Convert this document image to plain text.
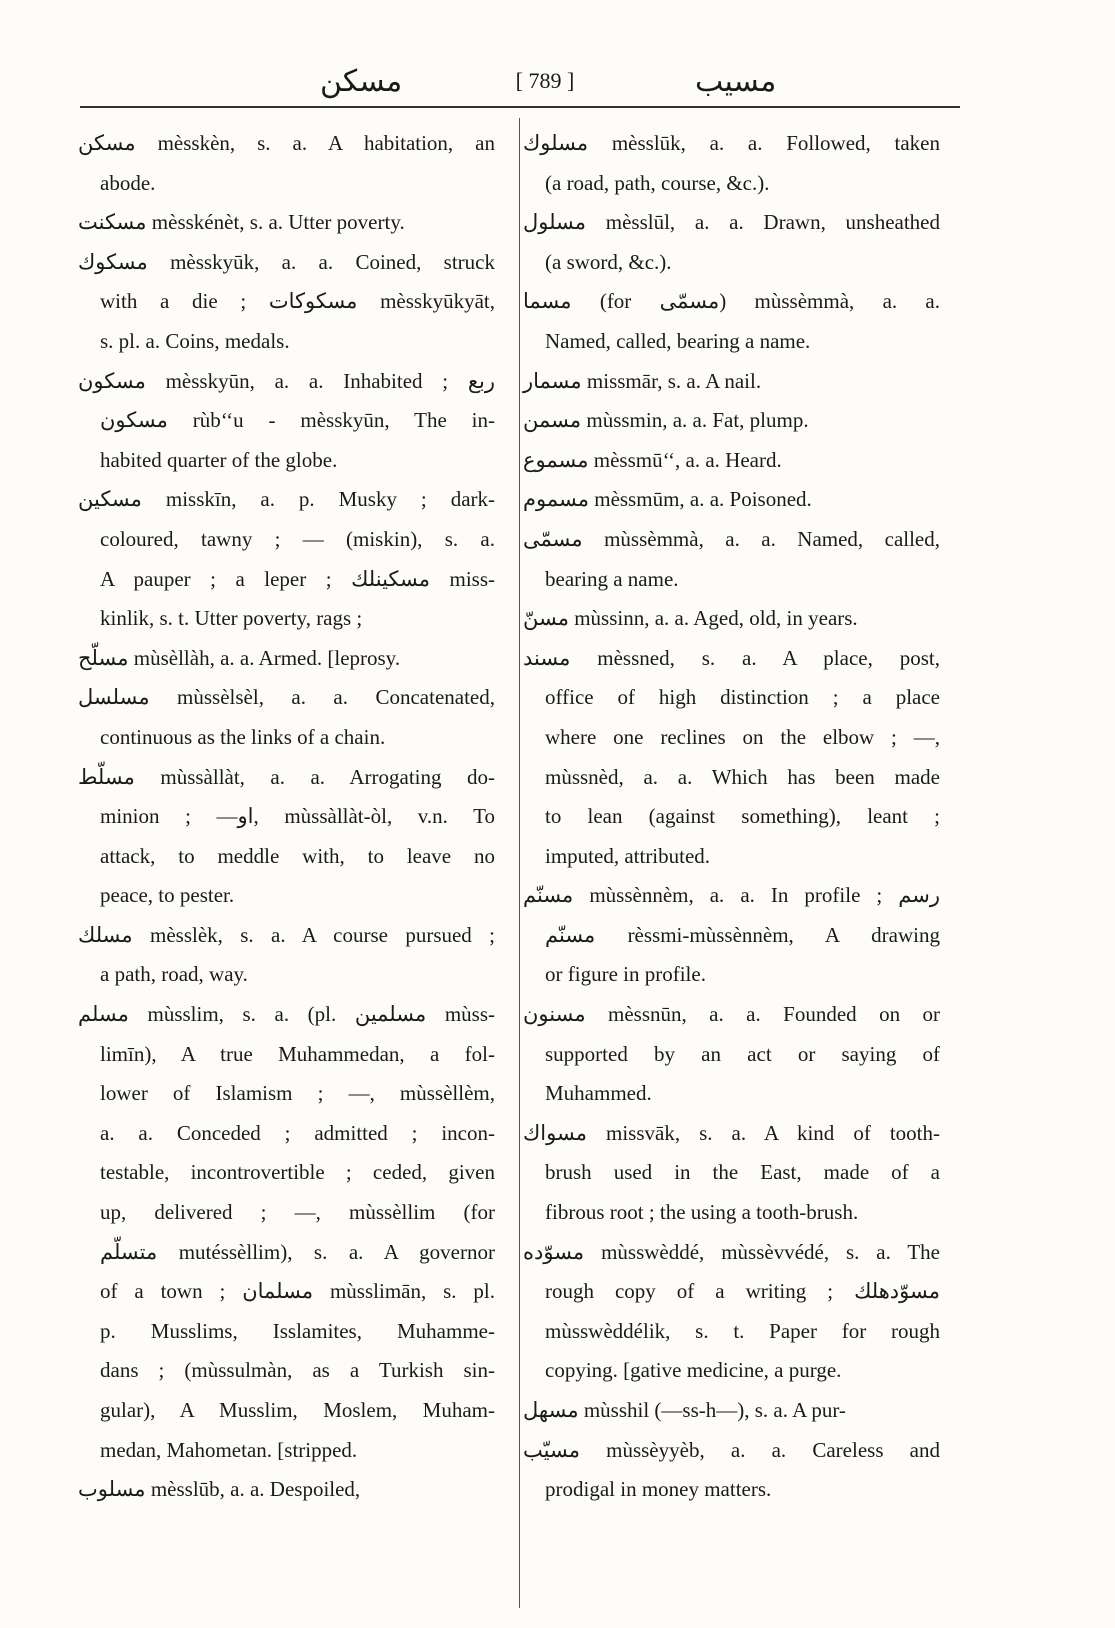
مسکن	[ 789 ]	مسیب
مسکن mèsskèn, s. a. A habitation, an
abode.
مسکنت mèsskénèt, s. a. Utter poverty.
مسکوك mèsskyūk, a. a. Coined, struck
with a die ; مسکوکات mèsskyūkyāt,
s. pl. a. Coins, medals.
مسکون mèsskyūn, a. a. Inhabited ; ربع
مسکون rùb‘‘u - mèsskyūn, The in-
habited quarter of the globe.
مسکین misskīn, a. p. Musky ; dark-
coloured, tawny ; — (miskin), s. a.
A pauper ; a leper ; مسکینلك miss-
kinlik, s. t. Utter poverty, rags ;
مسلّح mùsèllàh, a. a. Armed. [leprosy.
مسلسل mùssèlsèl, a. a. Concatenated,
continuous as the links of a chain.
مسلّط mùssàllàt, a. a. Arrogating do-
minion ; —او, mùssàllàt-òl, v.n. To
attack, to meddle with, to leave no
peace, to pester.
مسلك mèsslèk, s. a. A course pursued ;
a path, road, way.
مسلم mùsslim, s. a. (pl. مسلمین mùss-
limīn), A true Muhammedan, a fol-
lower of Islamism ; —, mùssèllèm,
a. a. Conceded ; admitted ; incon-
testable, incontrovertible ; ceded, given
up, delivered ; —, mùssèllim (for
متسلّم mutéssèllim), s. a. A governor
of a town ; مسلمان mùsslimān, s. pl.
p. Musslims, Isslamites, Muhamme-
dans ; (mùssulmàn, as a Turkish sin-
gular), A Musslim, Moslem, Muham-
medan, Mahometan. [stripped.
مسلوب mèsslūb, a. a. Despoiled,
مسلوك mèsslūk, a. a. Followed, taken
(a road, path, course, &c.).
مسلول mèsslūl, a. a. Drawn, unsheathed
(a sword, &c.).
مسما (for مسمّی) mùssèmmà, a. a.
Named, called, bearing a name.
مسمار missmār, s. a. A nail.
مسمن mùssmin, a. a. Fat, plump.
مسموع mèssmū‘‘, a. a. Heard.
مسموم mèssmūm, a. a. Poisoned.
مسمّی mùssèmmà, a. a. Named, called,
bearing a name.
مسنّ mùssinn, a. a. Aged, old, in years.
مسند mèssned, s. a. A place, post,
office of high distinction ; a place
where one reclines on the elbow ; —,
mùssnèd, a. a. Which has been made
to lean (against something), leant ;
imputed, attributed.
مسنّم mùssènnèm, a. a. In profile ; رسم
مسنّم rèssmi-mùssènnèm, A drawing
or figure in profile.
مسنون mèssnūn, a. a. Founded on or
supported by an act or saying of
Muhammed.
مسواك missvāk, s. a. A kind of tooth-
brush used in the East, made of a
fibrous root ; the using a tooth-brush.
مسوّده mùsswèddé, mùssèvvédé, s. a. The
rough copy of a writing ; مسوّدهلك
mùsswèddélik, s. t. Paper for rough
copying. [gative medicine, a purge.
مسهل mùsshil (—ss-h—), s. a. A pur-
مسیّب mùssèyyèb, a. a. Careless and
prodigal in money matters.
